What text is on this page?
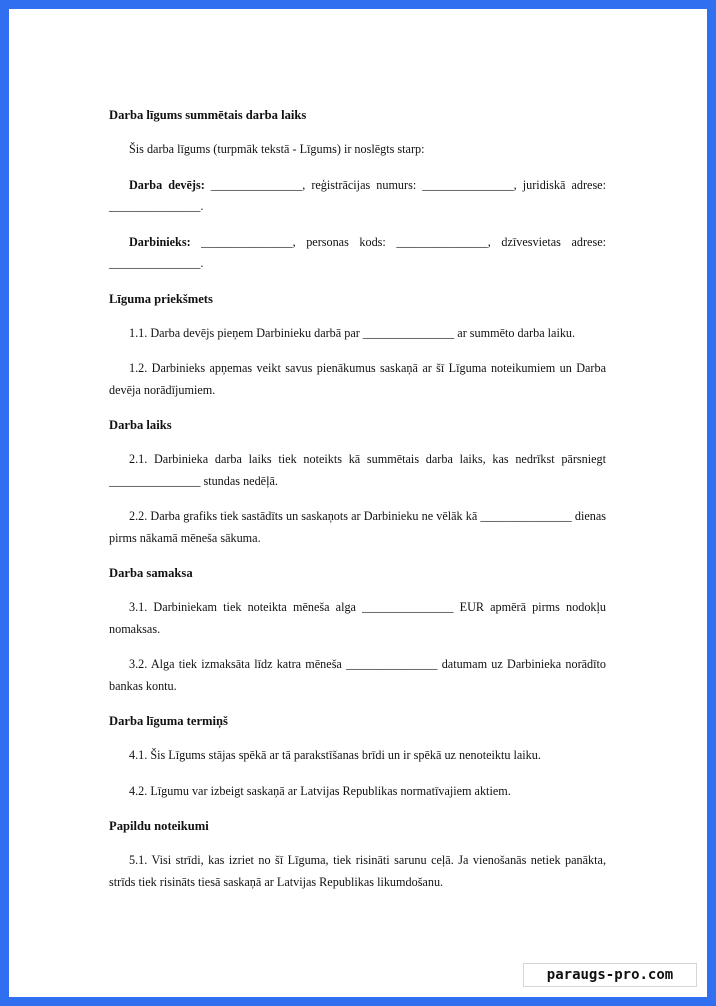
Darba līgums summētais darba laiks
Šis darba līgums (turpmāk tekstā - Līgums) ir noslēgts starp:
Darba devējs: _______________, reģistrācijas numurs: _______________, juridiskā adrese: _______________.
Darbinieks: _______________, personas kods: _______________, dzīvesvietas adrese: _______________.
Līguma priekšmets
1.1. Darba devējs pieņem Darbinieku darbā par _______________ ar summēto darba laiku.
1.2. Darbinieks apņemas veikt savus pienākumus saskaņā ar šī Līguma noteikumiem un Darba devēja norādījumiem.
Darba laiks
2.1. Darbinieka darba laiks tiek noteikts kā summētais darba laiks, kas nedrīkst pārsniegt _______________ stundas nedēļā.
2.2. Darba grafiks tiek sastādīts un saskaņots ar Darbinieku ne vēlāk kā _______________ dienas pirms nākamā mēneša sākuma.
Darba samaksa
3.1. Darbiniekam tiek noteikta mēneša alga _______________ EUR apmērā pirms nodokļu nomaksas.
3.2. Alga tiek izmaksāta līdz katra mēneša _______________ datumam uz Darbinieka norādīto bankas kontu.
Darba līguma termiņš
4.1. Šis Līgums stājas spēkā ar tā parakstīšanas brīdi un ir spēkā uz nenoteiktu laiku.
4.2. Līgumu var izbeigt saskaņā ar Latvijas Republikas normatīvajiem aktiem.
Papildu noteikumi
5.1. Visi strīdi, kas izriet no šī Līguma, tiek risināti sarunu ceļā. Ja vienošanās netiek panākta, strīds tiek risināts tiesā saskaņā ar Latvijas Republikas likumdošanu.
paraugs-pro.com
